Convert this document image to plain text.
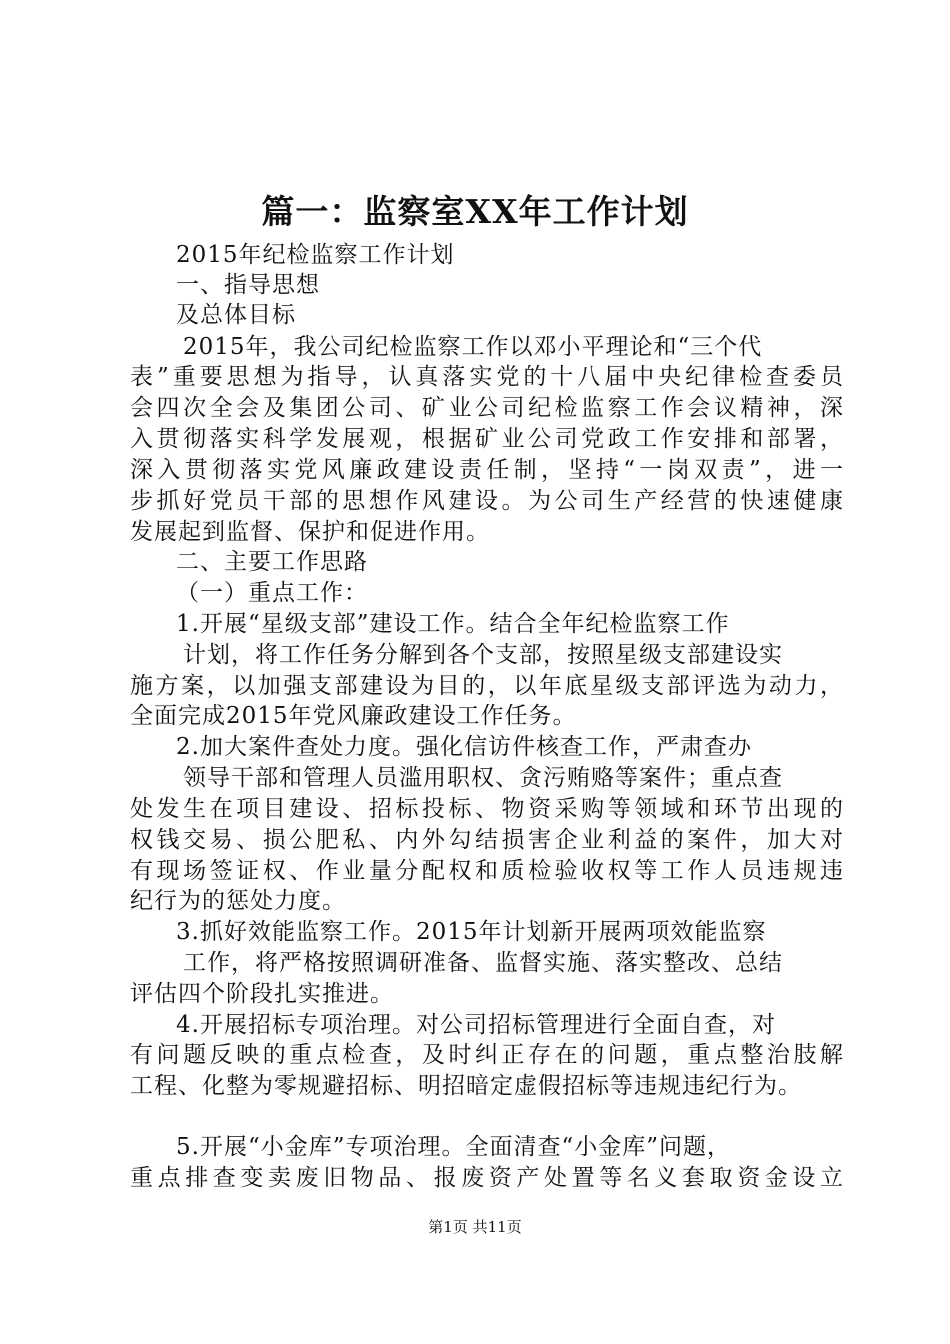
篇一：监察室XX年工作计划
2015年纪检监察工作计划
一、指导思想
及总体目标
2015年，我公司纪检监察工作以邓小平理论和“三个代
表”重要思想为指导，认真落实党的十八届中央纪律检查委员
会四次全会及集团公司、矿业公司纪检监察工作会议精神，深
入贯彻落实科学发展观，根据矿业公司党政工作安排和部署，
深入贯彻落实党风廉政建设责任制，坚持“一岗双责”，进一
步抓好党员干部的思想作风建设。为公司生产经营的快速健康
发展起到监督、保护和促进作用。
二、主要工作思路
（一）重点工作：
1.开展“星级支部”建设工作。结合全年纪检监察工作
计划，将工作任务分解到各个支部，按照星级支部建设实
施方案，以加强支部建设为目的，以年底星级支部评选为动力，
全面完成2015年党风廉政建设工作任务。
2.加大案件查处力度。强化信访件核查工作，严肃查办
领导干部和管理人员滥用职权、贪污贿赂等案件；重点查
处发生在项目建设、招标投标、物资采购等领域和环节出现的
权钱交易、损公肥私、内外勾结损害企业利益的案件，加大对
有现场签证权、作业量分配权和质检验收权等工作人员违规违
纪行为的惩处力度。
3.抓好效能监察工作。2015年计划新开展两项效能监察
工作，将严格按照调研准备、监督实施、落实整改、总结
评估四个阶段扎实推进。
4.开展招标专项治理。对公司招标管理进行全面自查，对
有问题反映的重点检查，及时纠正存在的问题，重点整治肢解
工程、化整为零规避招标、明招暗定虚假招标等违规违纪行为。
5.开展“小金库”专项治理。全面清查“小金库”问题，
重点排查变卖废旧物品、报废资产处置等名义套取资金设立
第1页 共11页
